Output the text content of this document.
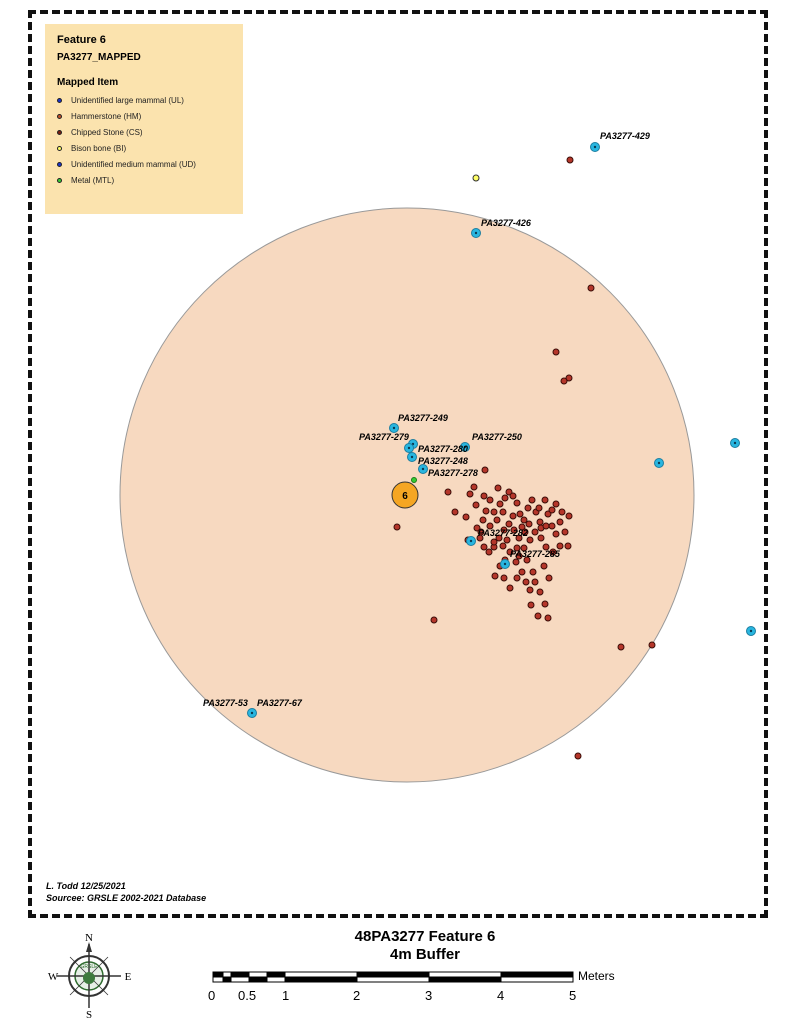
6
PA3277-429
PA3277-426
PA3277-249
PA3277-279
PA3277-280
PA3277-250
PA3277-248
PA3277-278
PA3277-282
PA3277-285
PA3277-53 PA3277-67
Feature 6
PA3277_MAPPED
Mapped Item
Unidentified large mammal (UL)
Hammerstone (HM)
Chipped Stone (CS)
Bison bone (BI)
Unidentified medium mammal (UD)
Metal (MTL)
L. Todd 12/25/2021
Sourcee: GRSLE 2002-2021 Database
48PA3277 Feature 6
4m Buffer
GRSLE
N
S
E
W
0 0.5 1	2	3	4	5
Meters
